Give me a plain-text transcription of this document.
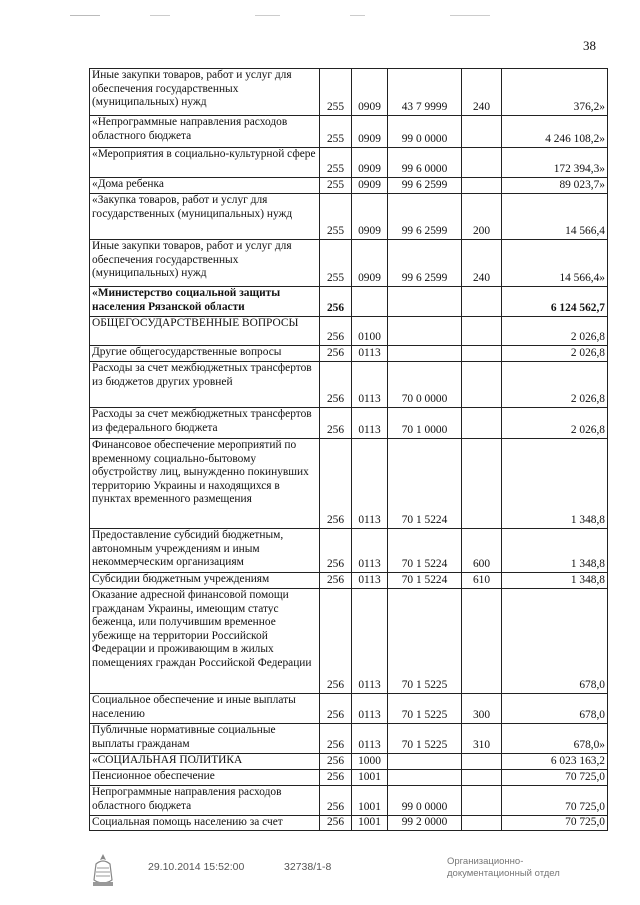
38
Иные закупки товаров, работ и услуг для обеспечения государственных (муниципальных) нужд	255	0909	43 7 9999	240	376,2»
«Непрограммные направления расходов областного бюджета	255	0909	99 0 0000		4 246 108,2»
«Мероприятия в социально-культурной сфере	255	0909	99 6 0000		172 394,3»
«Дома ребенка	255	0909	99 6 2599		89 023,7»
«Закупка товаров, работ и услуг для государственных (муниципальных) нужд	255	0909	99 6 2599	200	14 566,4
Иные закупки товаров, работ и услуг для обеспечения государственных (муниципальных) нужд	255	0909	99 6 2599	240	14 566,4»
«Министерство социальной защиты населения Рязанской области	256				6 124 562,7
ОБЩЕГОСУДАРСТВЕННЫЕ ВОПРОСЫ	256	0100			2 026,8
Другие общегосударственные вопросы	256	0113			2 026,8
Расходы за счет межбюджетных трансфертов из бюджетов других уровней	256	0113	70 0 0000		2 026,8
Расходы за счет межбюджетных трансфертов из федерального бюджета	256	0113	70 1 0000		2 026,8
Финансовое обеспечение мероприятий по временному социально-бытовому обустройству лиц, вынужденно покинувших территорию Украины и находящихся в пунктах временного размещения	256	0113	70 1 5224		1 348,8
Предоставление субсидий бюджетным, автономным учреждениям и иным некоммерческим организациям	256	0113	70 1 5224	600	1 348,8
Субсидии бюджетным учреждениям	256	0113	70 1 5224	610	1 348,8
Оказание адресной финансовой помощи гражданам Украины, имеющим статус беженца, или получившим временное убежище на территории Российской Федерации и проживающим в жилых помещениях граждан Российской Федерации	256	0113	70 1 5225		678,0
Социальное обеспечение и иные выплаты населению	256	0113	70 1 5225	300	678,0
Публичные нормативные социальные выплаты гражданам	256	0113	70 1 5225	310	678,0»
«СОЦИАЛЬНАЯ ПОЛИТИКА	256	1000			6 023 163,2
Пенсионное обеспечение	256	1001			70 725,0
Непрограммные направления расходов областного бюджета	256	1001	99 0 0000		70 725,0
Социальная помощь населению за счет	256	1001	99 2 0000		70 725,0
29.10.2014 15:52:00	32738/1-8	Организационно-
документационный отдел
